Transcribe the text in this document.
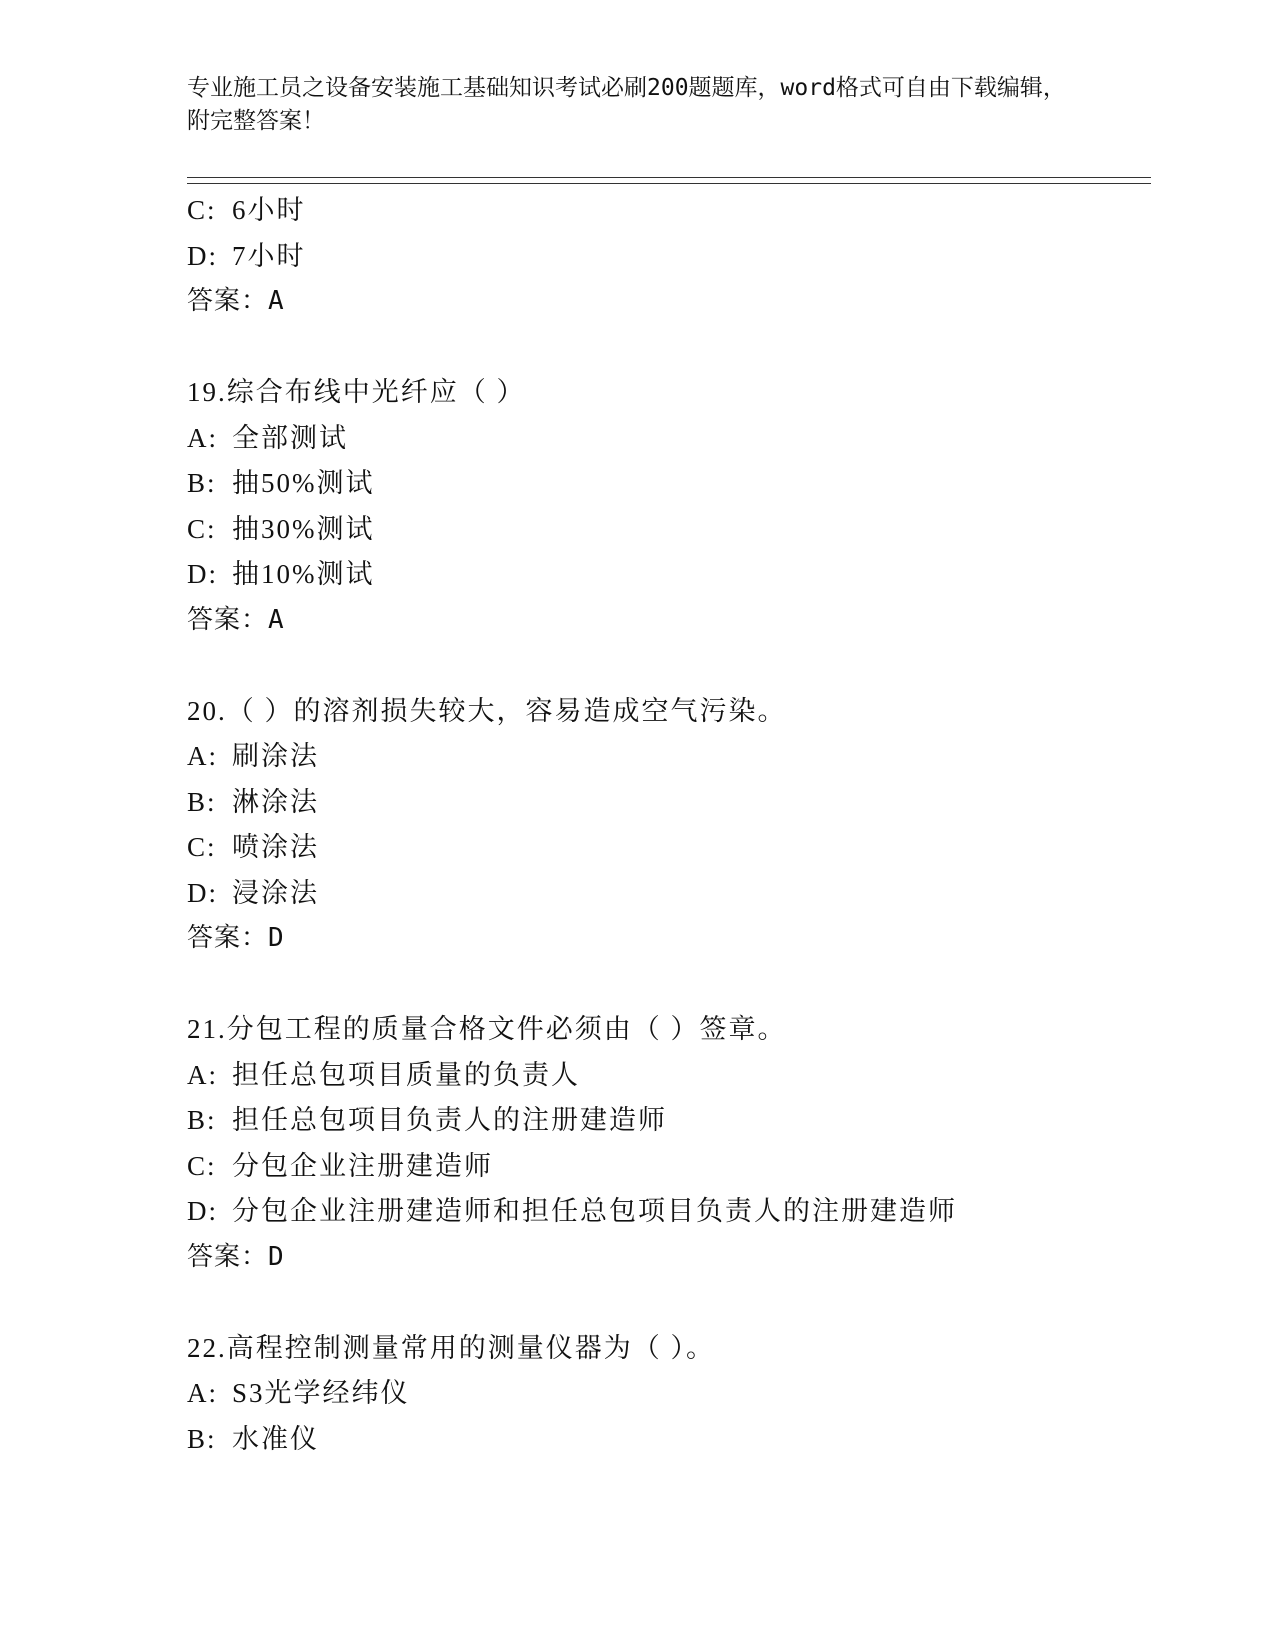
专业施工员之设备安装施工基础知识考试必刷200题题库，word格式可自由下载编辑，附完整答案！
C: 6小时
D: 7小时
答案：A
19.综合布线中光纤应（ ）
A: 全部测试
B: 抽50%测试
C: 抽30%测试
D: 抽10%测试
答案：A
20.（ ）的溶剂损失较大，容易造成空气污染。
A: 刷涂法
B: 淋涂法
C: 喷涂法
D: 浸涂法
答案：D
21.分包工程的质量合格文件必须由（ ）签章。
A: 担任总包项目质量的负责人
B: 担任总包项目负责人的注册建造师
C: 分包企业注册建造师
D: 分包企业注册建造师和担任总包项目负责人的注册建造师
答案：D
22.高程控制测量常用的测量仪器为（ ）。
A: S3光学经纬仪
B: 水准仪
